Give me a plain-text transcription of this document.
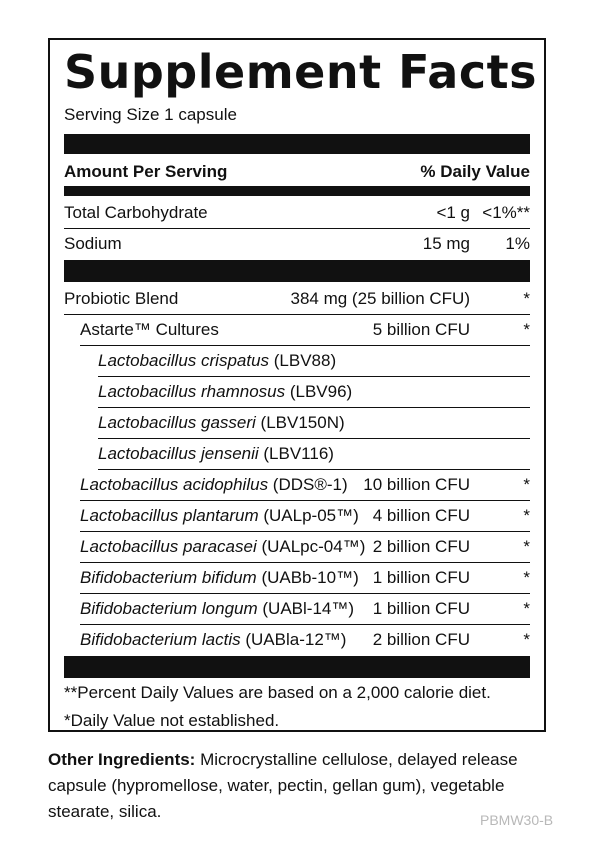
Supplement Facts
Serving Size 1 capsule
Amount Per Serving	% Daily Value
Total Carbohydrate	<1 g <1%**
Sodium	15 mg 1%
Probiotic Blend	384 mg (25 billion CFU)	*
Astarte™ Cultures	5 billion CFU	*
Lactobacillus crispatus (LBV88)
Lactobacillus rhamnosus (LBV96)
Lactobacillus gasseri (LBV150N)
Lactobacillus jensenii (LBV116)
Lactobacillus acidophilus (DDS®-1) 10 billion CFU	*
Lactobacillus plantarum (UALp-05™) 4 billion CFU	*
Lactobacillus paracasei (UALpc-04™) 2 billion CFU	*
Bifidobacterium bifidum (UABb-10™) 1 billion CFU	*
Bifidobacterium longum (UABl-14™) 1 billion CFU	*
Bifidobacterium lactis (UABla-12™) 2 billion CFU	*
**Percent Daily Values are based on a 2,000 calorie diet.
*Daily Value not established.
Other Ingredients: Microcrystalline cellulose, delayed release capsule (hypromellose, water, pectin, gellan gum), vegetable stearate, silica.	PBMW30-B
